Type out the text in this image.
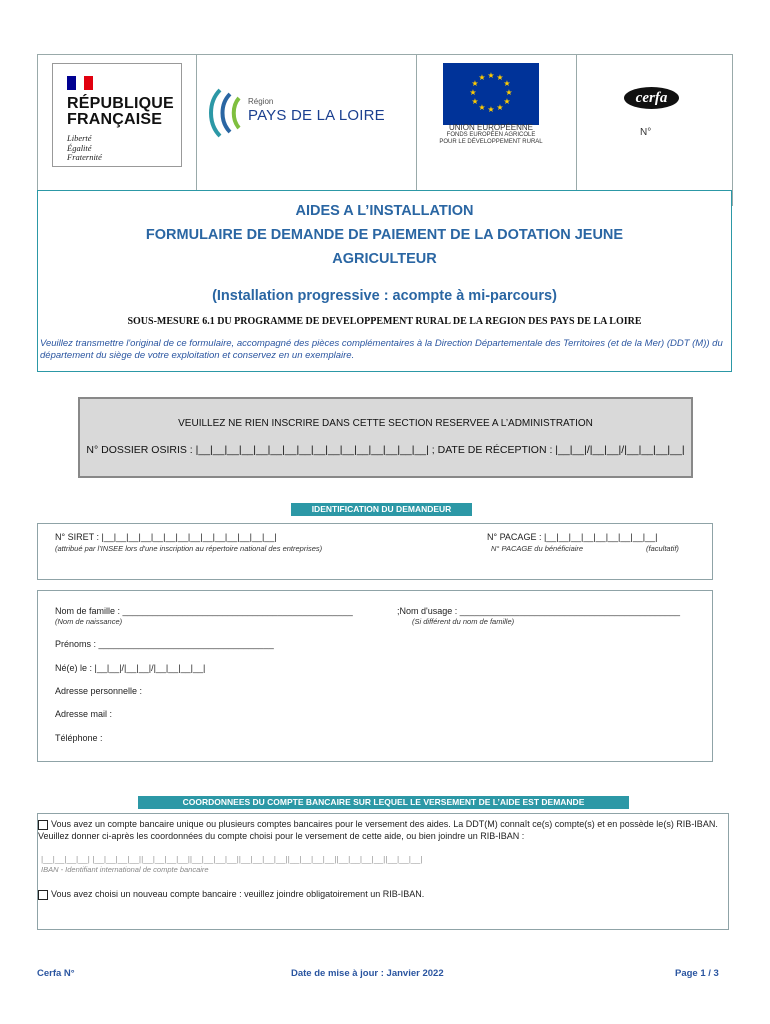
RÉPUBLIQUE
FRANÇAISE
Liberté
Égalité
Fraternité
Région
PAYS DE LA LOIRE
★ ★
★
★
★
★
★
★
★
★
★
★
UNION EUROPÉENNE
FONDS EUROPÉEN AGRICOLE
POUR LE DÉVELOPPEMENT RURAL
cerfa
N°
AIDES A L’INSTALLATION
FORMULAIRE DE DEMANDE DE PAIEMENT DE LA DOTATION JEUNE
AGRICULTEUR
(Installation progressive : acompte à mi-parcours)
SOUS-MESURE 6.1 DU PROGRAMME DE DEVELOPPEMENT RURAL DE LA REGION DES PAYS DE LA LOIRE
Veuillez transmettre l'original de ce formulaire, accompagné des pièces complémentaires à la Direction Départementale des Territoires (et de la Mer) (DDT (M)) du département du siège de votre exploitation et conservez en un exemplaire.
VEUILLEZ NE RIEN INSCRIRE DANS CETTE SECTION RESERVEE A L’ADMINISTRATION
N° DOSSIER OSIRIS : |__|__|__|__|__|__|__|__|__|__|__|__|__|__|__|__| ; DATE DE RÉCEPTION : |__|__|/|__|__|/|__|__|__|__|
IDENTIFICATION DU DEMANDEUR
N° SIRET : |__|__|__|__|__|__|__|__|__|__|__|__|__|__|
(attribué par l'INSEE lors d'une inscription au répertoire national des entreprises)
N° PACAGE : |__|__|__|__|__|__|__|__|__|
N° PACAGE du bénéficiaire	(facultatif)
Nom de famille : ______________________________________________
(Nom de naissance)
;Nom d'usage : ____________________________________________
(Si différent du nom de famille)
Prénoms : ___________________________________
Né(e) le : |__|__|/|__|__|/|__|__|__|__|
Adresse personnelle :
Adresse mail :
Téléphone :
COORDONNEES DU COMPTE BANCAIRE SUR LEQUEL LE VERSEMENT DE L’AIDE EST DEMANDE
Vous avez un compte bancaire unique ou plusieurs comptes bancaires pour le versement des aides. La DDT(M) connaît ce(s) compte(s) et en possède le(s) RIB-IBAN. Veuillez donner ci-après les coordonnées du compte choisi pour le versement de cette aide, ou bien joindre un RIB-IBAN :
|__|__|__|__| |__|__|__|__||__|__|__|__||__|__|__|__||__|__|__|__||__|__|__|__||__|__|__|__||__|__|__|
IBAN - Identifiant international de compte bancaire
Vous avez choisi un nouveau compte bancaire : veuillez joindre obligatoirement un RIB-IBAN.
Cerfa N°	Date de mise à jour : Janvier 2022	Page 1 / 3
